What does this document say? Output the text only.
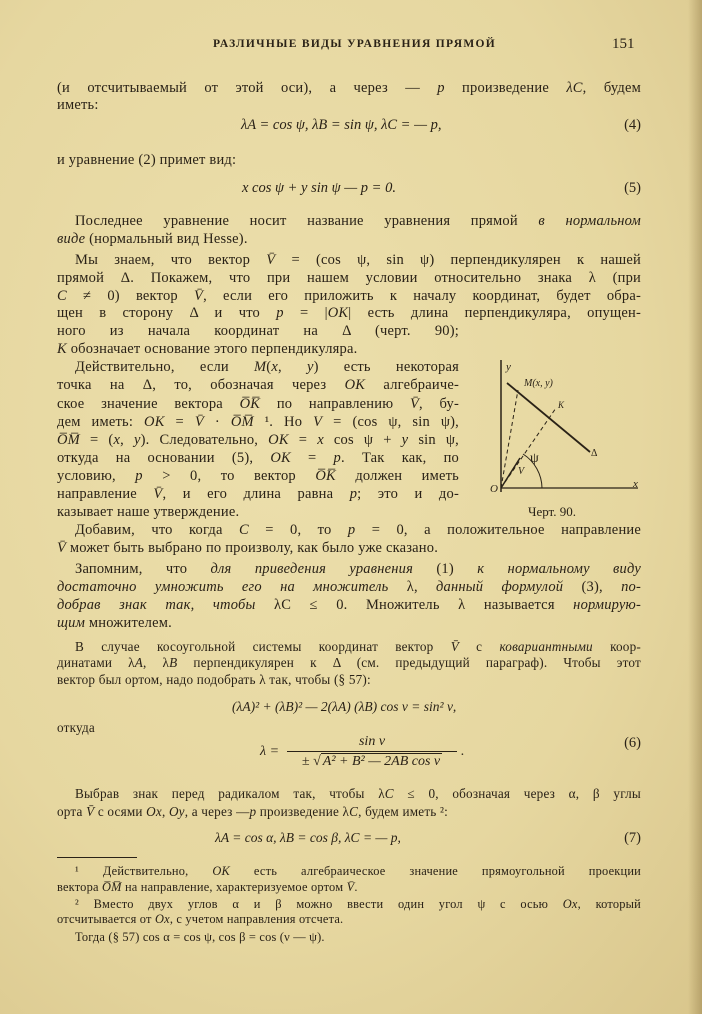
РАЗЛИЧНЫЕ ВИДЫ УРАВНЕНИЯ ПРЯМОЙ	151
(и отсчитываемый от этой оси), а через — p произведение λC, будем
иметь:
λA = cos ψ, λB = sin ψ, λC = — p,	(4)
и уравнение (2) примет вид:
x cos ψ + y sin ψ — p = 0.	(5)
Последнее уравнение носит название уравнения прямой в нормальном
виде (нормальный вид Hesse).
Мы знаем, что вектор V̄ = (cos ψ, sin ψ) перпендикулярен к нашей
прямой Δ. Покажем, что при нашем условии относительно знака λ (при
C ≠ 0) вектор V̄, если его приложить к началу координат, будет обра-
щен в сторону Δ и что p = |OK| есть длина перпендикуляра, опущен-
ного из начала координат на Δ (черт. 90);
K обозначает основание этого перпендикуляра.
Действительно, если M(x, y) есть некоторая
точка на Δ, то, обозначая через OK алгебраиче-
ское значение вектора O̅K̅ по направлению V̄, бу-
дем иметь: OK = V̄ · O̅M̅ ¹. Но V = (cos ψ, sin ψ),
O̅M̅ = (x, y). Следовательно, OK = x cos ψ + y sin ψ,
откуда на основании (5), OK = p. Так как, по
условию, p > 0, то вектор O̅K̅ должен иметь
направление V̄, и его длина равна p; это и до-
казывает наше утверждение.
Добавим, что когда C = 0, то p = 0, а положительное направление
V̄ может быть выбрано по произволу, как было уже сказано.
Запомним, что для приведения уравнения (1) к нормальному виду
достаточно умножить его на множитель λ, данный формулой (3), по-
добрав знак так, чтобы λC ≤ 0. Множитель λ называется нормирую-
щим множителем.
В случае косоугольной системы координат вектор V̄ с ковариантными коор-
динатами λA, λB перпендикулярен к Δ (см. предыдущий параграф). Чтобы этот
вектор был ортом, надо подобрать λ так, чтобы (§ 57):
(λA)² + (λB)² — 2(λA) (λB) cos ν = sin² ν,
откуда
$\lambda = \frac{\text{sin ν}}{\text{± √ A² + B² — 2AB cos ν}}$ .
(6)
Выбрав знак перед радикалом так, чтобы λC ≤ 0, обозначая через α, β углы
орта V̄ с осями Ox, Oy, а через —p произведение λC, будем иметь ²:
λA = cos α, λB = cos β, λC = — p,	(7)
¹ Действительно, OK есть алгебраическое значение прямоугольной проекции
вектора O̅M̅ на направление, характеризуемое ортом V̄.
² Вместо двух углов α и β можно ввести один угол ψ с осью Ox, который
отсчитывается от Ox, с учетом направления отсчета.
Тогда (§ 57) cos α = cos ψ, cos β = cos (ν — ψ).
y
x
O
M(x, y)
K
Δ
V
ψ
Черт. 90.
